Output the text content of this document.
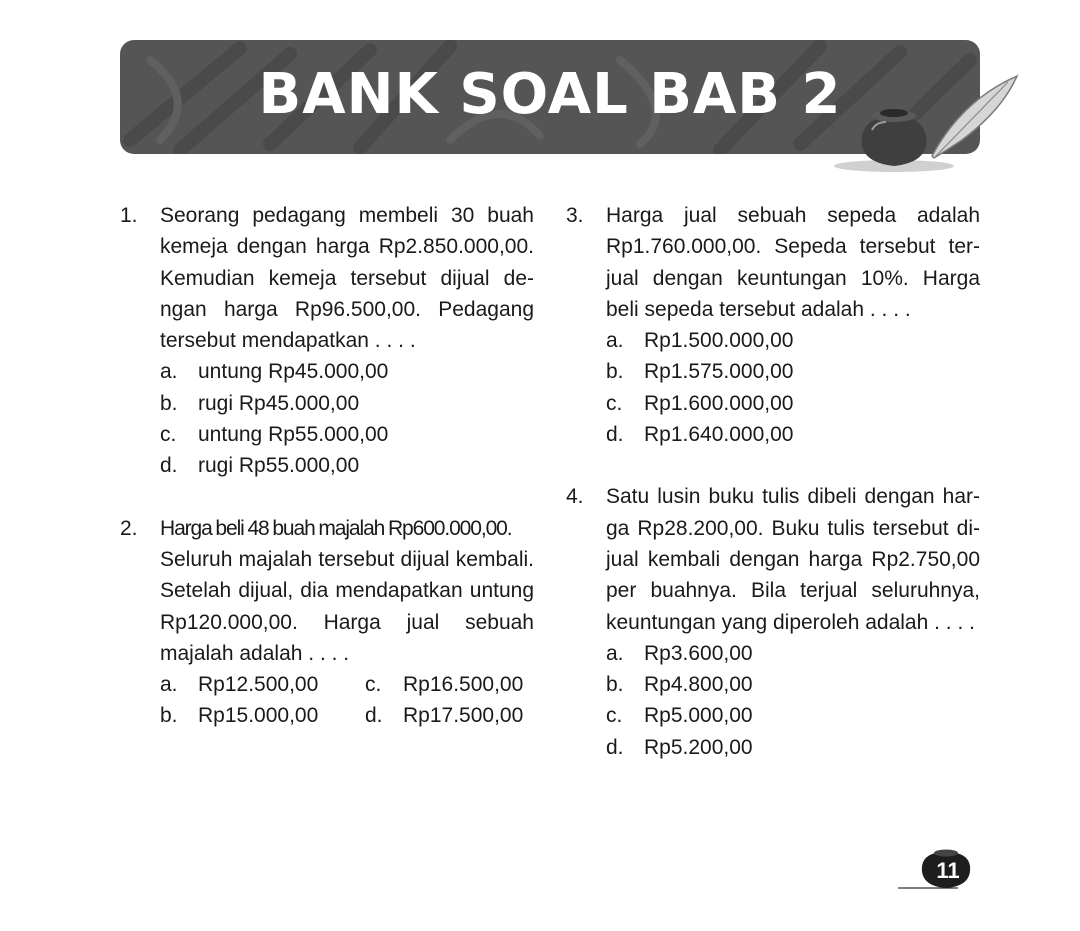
BANK SOAL BAB 2
1. Seorang pedagang membeli 30 buah kemeja dengan harga Rp2.850.000,00. Kemudian kemeja tersebut dijual de-ngan harga Rp96.500,00. Pedagang tersebut mendapatkan . . . .
a. untung Rp45.000,00
b. rugi Rp45.000,00
c.	untung Rp55.000,00
d. rugi Rp55.000,00
2. Harga beli 48 buah majalah Rp600.000,00.
Seluruh majalah tersebut dijual kembali. Setelah dijual, dia mendapatkan untung Rp120.000,00. Harga jual sebuah majalah adalah . . . .
a. Rp12.500,00 c.	Rp16.500,00
b. Rp15.000,00 d. Rp17.500,00
3. Harga jual sebuah sepeda adalah Rp1.760.000,00. Sepeda tersebut ter-jual dengan keuntungan 10%. Harga beli sepeda tersebut adalah . . . .
a. Rp1.500.000,00
b. Rp1.575.000,00
c.	Rp1.600.000,00
d. Rp1.640.000,00
4. Satu lusin buku tulis dibeli dengan har-ga Rp28.200,00. Buku tulis tersebut di-jual kembali dengan harga Rp2.750,00 per buahnya. Bila terjual seluruhnya, keuntungan yang diperoleh adalah . . . .
a. Rp3.600,00
b. Rp4.800,00
c.	Rp5.000,00
d. Rp5.200,00
11
